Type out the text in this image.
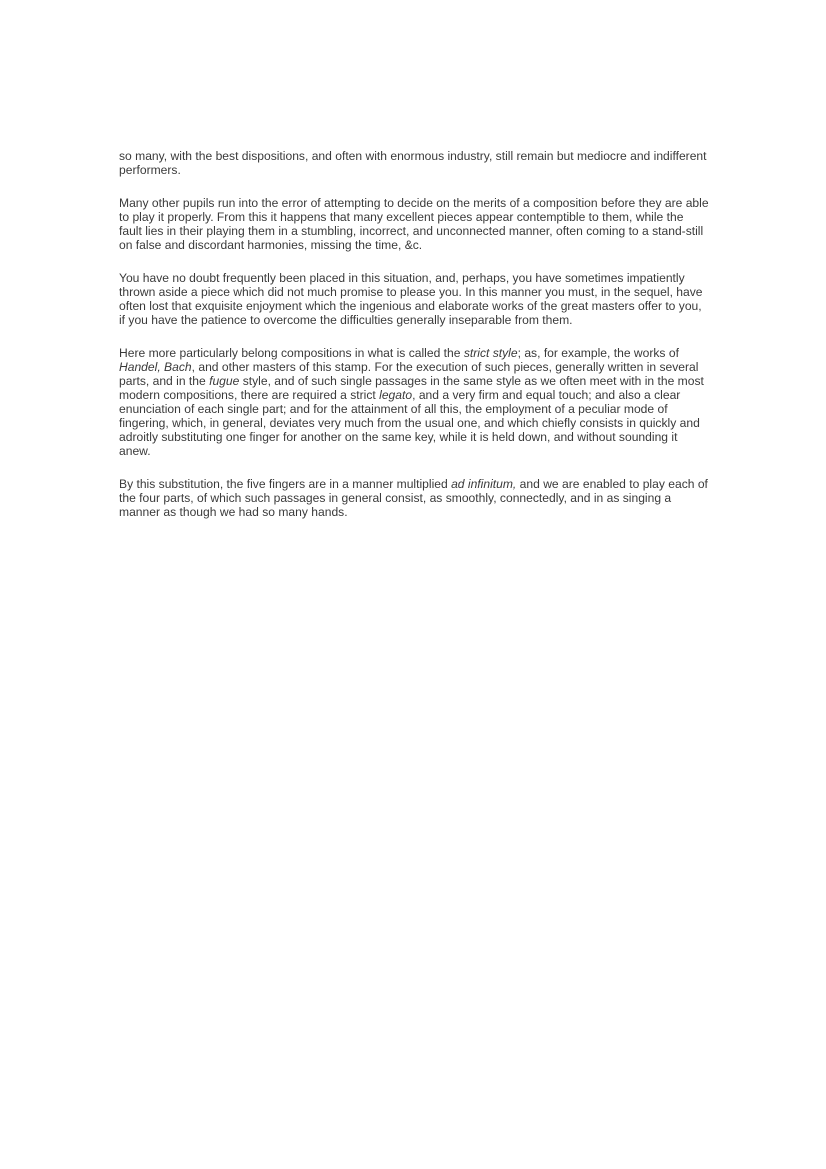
so many, with the best dispositions, and often with enormous industry, still remain but mediocre and indifferent performers.

Many other pupils run into the error of attempting to decide on the merits of a composition before they are able to play it properly. From this it happens that many excellent pieces appear contemptible to them, while the fault lies in their playing them in a stumbling, incorrect, and unconnected manner, often coming to a stand-still on false and discordant harmonies, missing the time, &c.

You have no doubt frequently been placed in this situation, and, perhaps, you have sometimes impatiently thrown aside a piece which did not much promise to please you. In this manner you must, in the sequel, have often lost that exquisite enjoyment which the ingenious and elaborate works of the great masters offer to you, if you have the patience to overcome the difficulties generally inseparable from them.

Here more particularly belong compositions in what is called the strict style; as, for example, the works of Handel, Bach, and other masters of this stamp. For the execution of such pieces, generally written in several parts, and in the fugue style, and of such single passages in the same style as we often meet with in the most modern compositions, there are required a strict legato, and a very firm and equal touch; and also a clear enunciation of each single part; and for the attainment of all this, the employment of a peculiar mode of fingering, which, in general, deviates very much from the usual one, and which chiefly consists in quickly and adroitly substituting one finger for another on the same key, while it is held down, and without sounding it anew.

By this substitution, the five fingers are in a manner multiplied ad infinitum, and we are enabled to play each of the four parts, of which such passages in general consist, as smoothly, connectedly, and in as singing a manner as though we had so many hands.
